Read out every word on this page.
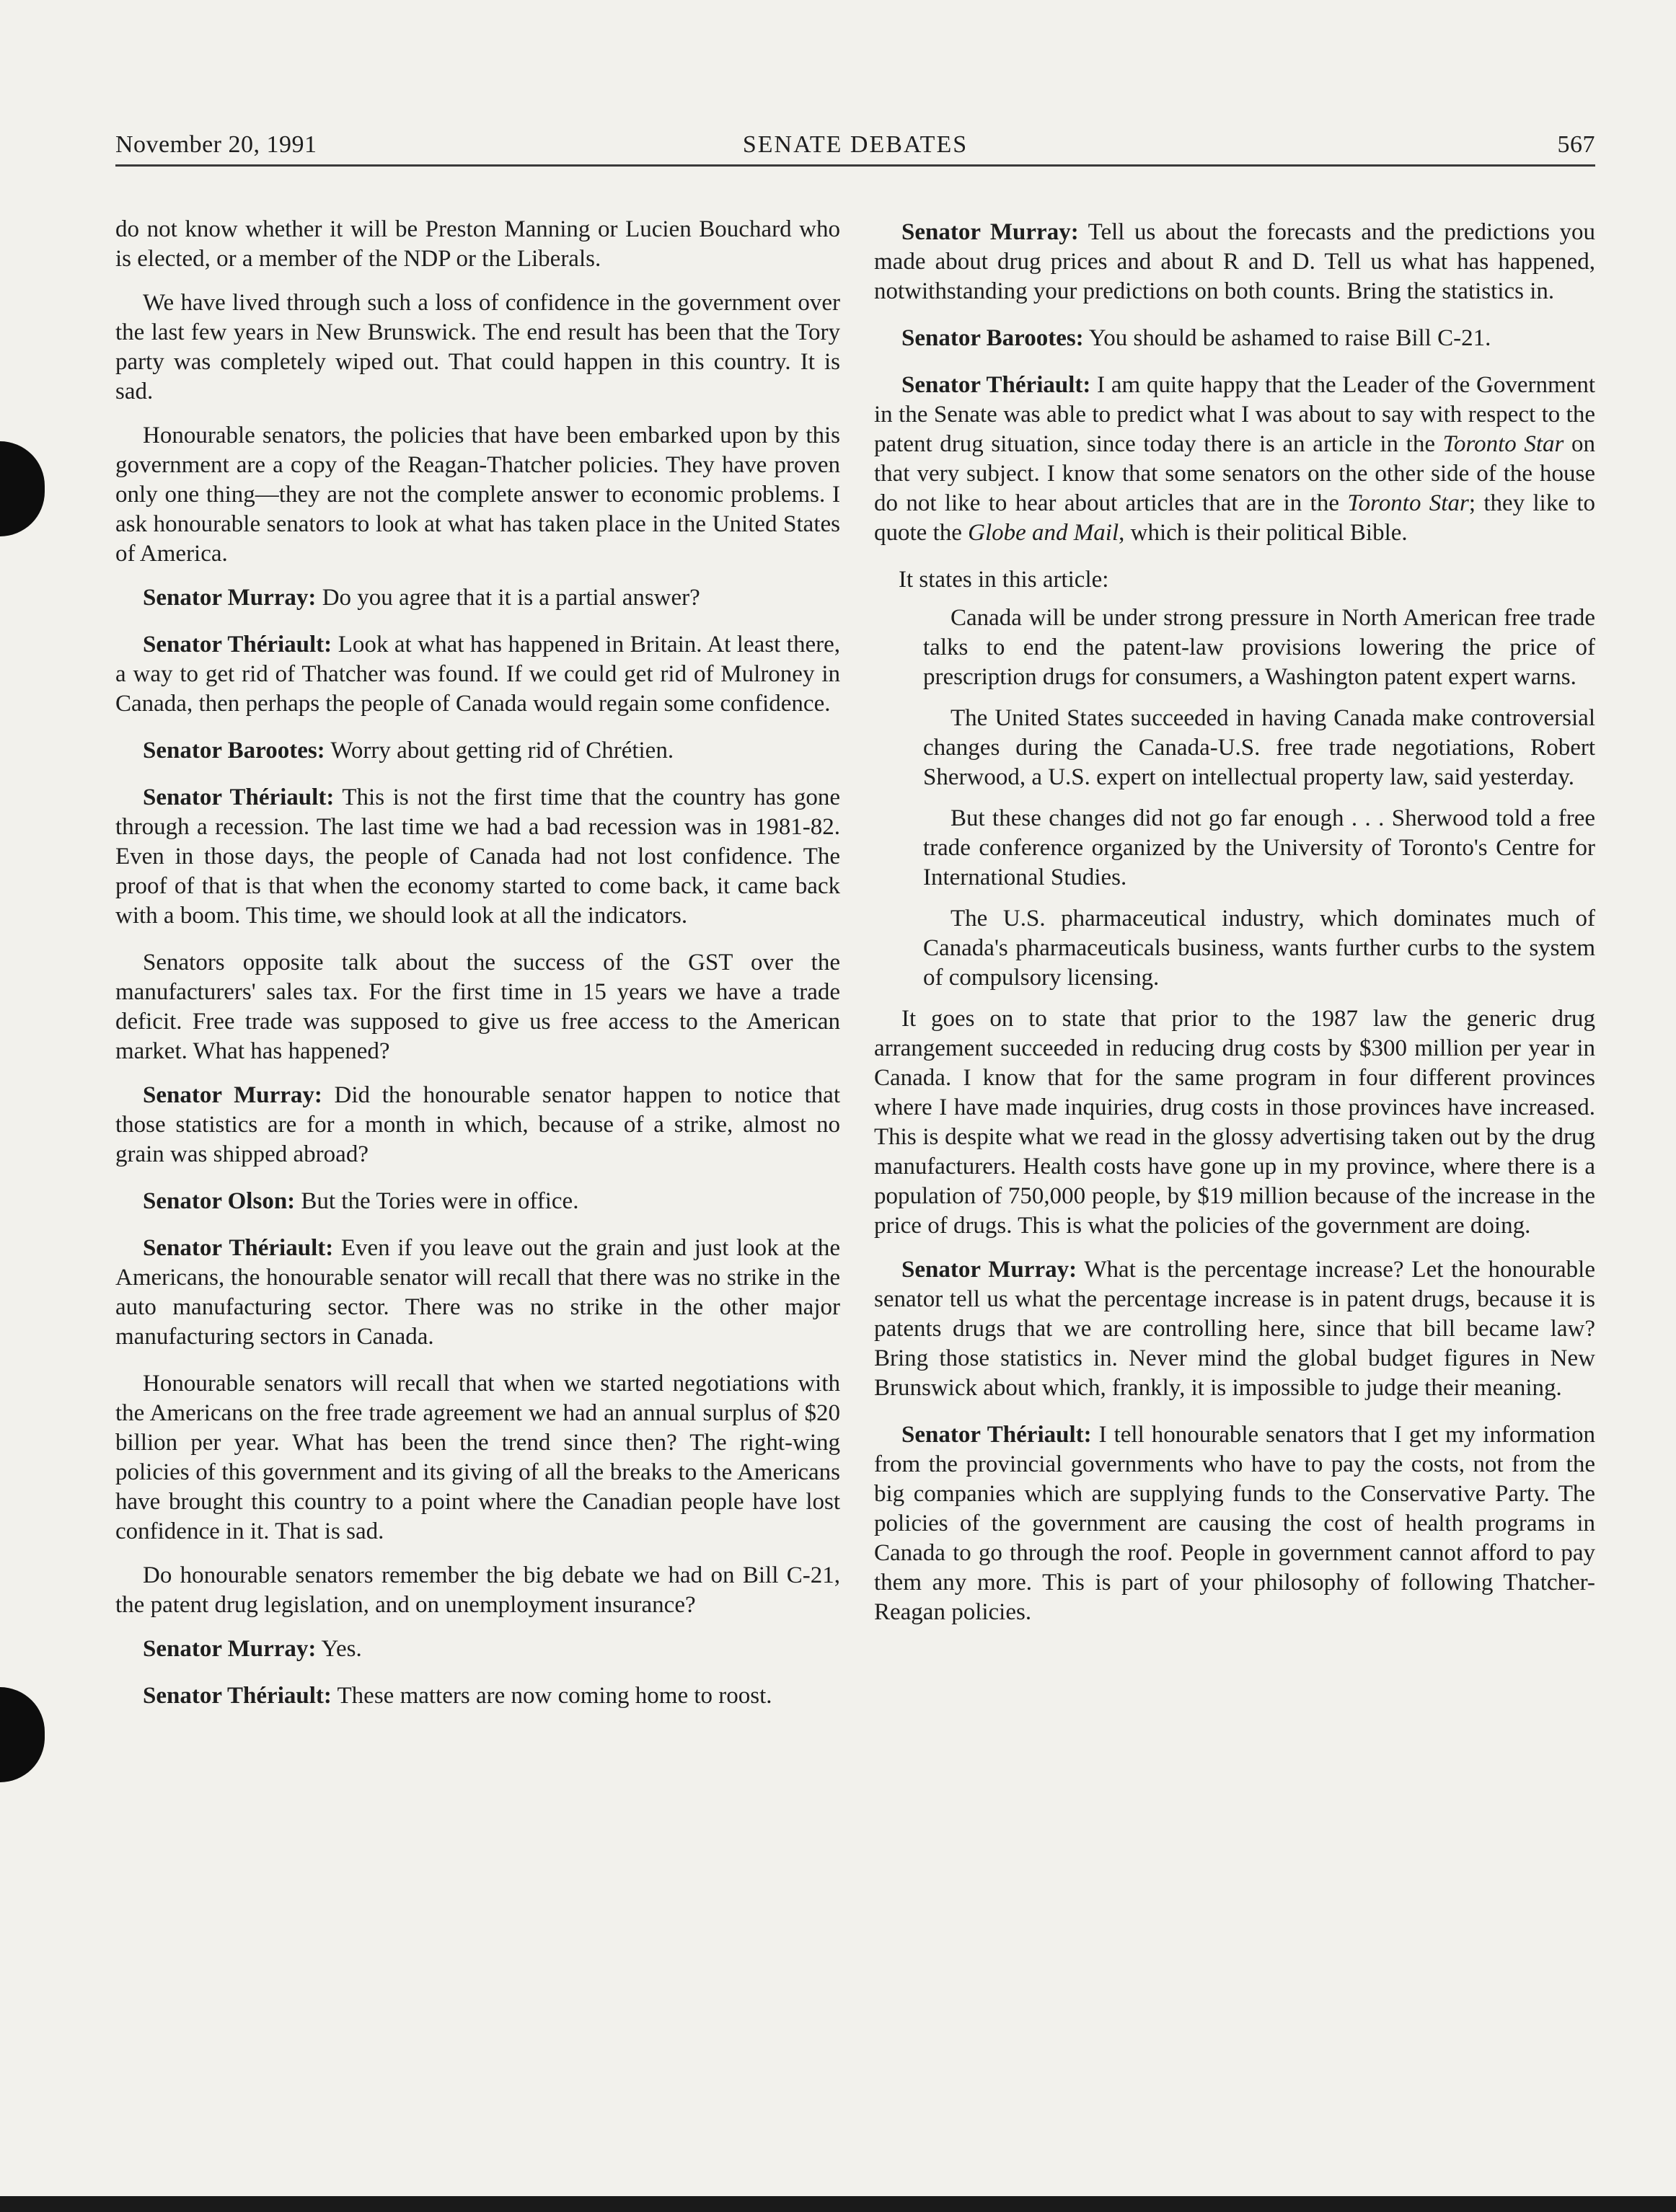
November 20, 1991	SENATE DEBATES	567

do not know whether it will be Preston Manning or Lucien Bouchard who is elected, or a member of the NDP or the Liberals.

We have lived through such a loss of confidence in the government over the last few years in New Brunswick. The end result has been that the Tory party was completely wiped out. That could happen in this country. It is sad.

Honourable senators, the policies that have been embarked upon by this government are a copy of the Reagan-Thatcher policies. They have proven only one thing—they are not the complete answer to economic problems. I ask honourable senators to look at what has taken place in the United States of America.

Senator Murray: Do you agree that it is a partial answer?

Senator Thériault: Look at what has happened in Britain. At least there, a way to get rid of Thatcher was found. If we could get rid of Mulroney in Canada, then perhaps the people of Canada would regain some confidence.

Senator Barootes: Worry about getting rid of Chrétien.

Senator Thériault: This is not the first time that the country has gone through a recession. The last time we had a bad recession was in 1981-82. Even in those days, the people of Canada had not lost confidence. The proof of that is that when the economy started to come back, it came back with a boom. This time, we should look at all the indicators.

Senators opposite talk about the success of the GST over the manufacturers' sales tax. For the first time in 15 years we have a trade deficit. Free trade was supposed to give us free access to the American market. What has happened?

Senator Murray: Did the honourable senator happen to notice that those statistics are for a month in which, because of a strike, almost no grain was shipped abroad?

Senator Olson: But the Tories were in office.

Senator Thériault: Even if you leave out the grain and just look at the Americans, the honourable senator will recall that there was no strike in the auto manufacturing sector. There was no strike in the other major manufacturing sectors in Canada.

Honourable senators will recall that when we started negotiations with the Americans on the free trade agreement we had an annual surplus of $20 billion per year. What has been the trend since then? The right-wing policies of this government and its giving of all the breaks to the Americans have brought this country to a point where the Canadian people have lost confidence in it. That is sad.

Do honourable senators remember the big debate we had on Bill C-21, the patent drug legislation, and on unemployment insurance?

Senator Murray: Yes.

Senator Thériault: These matters are now coming home to roost.

Senator Murray: Tell us about the forecasts and the predictions you made about drug prices and about R and D. Tell us what has happened, notwithstanding your predictions on both counts. Bring the statistics in.

Senator Barootes: You should be ashamed to raise Bill C-21.

Senator Thériault: I am quite happy that the Leader of the Government in the Senate was able to predict what I was about to say with respect to the patent drug situation, since today there is an article in the Toronto Star on that very subject. I know that some senators on the other side of the house do not like to hear about articles that are in the Toronto Star; they like to quote the Globe and Mail, which is their political Bible.

It states in this article:

Canada will be under strong pressure in North American free trade talks to end the patent-law provisions lowering the price of prescription drugs for consumers, a Washington patent expert warns.

The United States succeeded in having Canada make controversial changes during the Canada-U.S. free trade negotiations, Robert Sherwood, a U.S. expert on intellectual property law, said yesterday.

But these changes did not go far enough . . . Sherwood told a free trade conference organized by the University of Toronto's Centre for International Studies.

The U.S. pharmaceutical industry, which dominates much of Canada's pharmaceuticals business, wants further curbs to the system of compulsory licensing.

It goes on to state that prior to the 1987 law the generic drug arrangement succeeded in reducing drug costs by $300 million per year in Canada. I know that for the same program in four different provinces where I have made inquiries, drug costs in those provinces have increased. This is despite what we read in the glossy advertising taken out by the drug manufacturers. Health costs have gone up in my province, where there is a population of 750,000 people, by $19 million because of the increase in the price of drugs. This is what the policies of the government are doing.

Senator Murray: What is the percentage increase? Let the honourable senator tell us what the percentage increase is in patent drugs, because it is patents drugs that we are controlling here, since that bill became law? Bring those statistics in. Never mind the global budget figures in New Brunswick about which, frankly, it is impossible to judge their meaning.

Senator Thériault: I tell honourable senators that I get my information from the provincial governments who have to pay the costs, not from the big companies which are supplying funds to the Conservative Party. The policies of the government are causing the cost of health programs in Canada to go through the roof. People in government cannot afford to pay them any more. This is part of your philosophy of following Thatcher-Reagan policies.
